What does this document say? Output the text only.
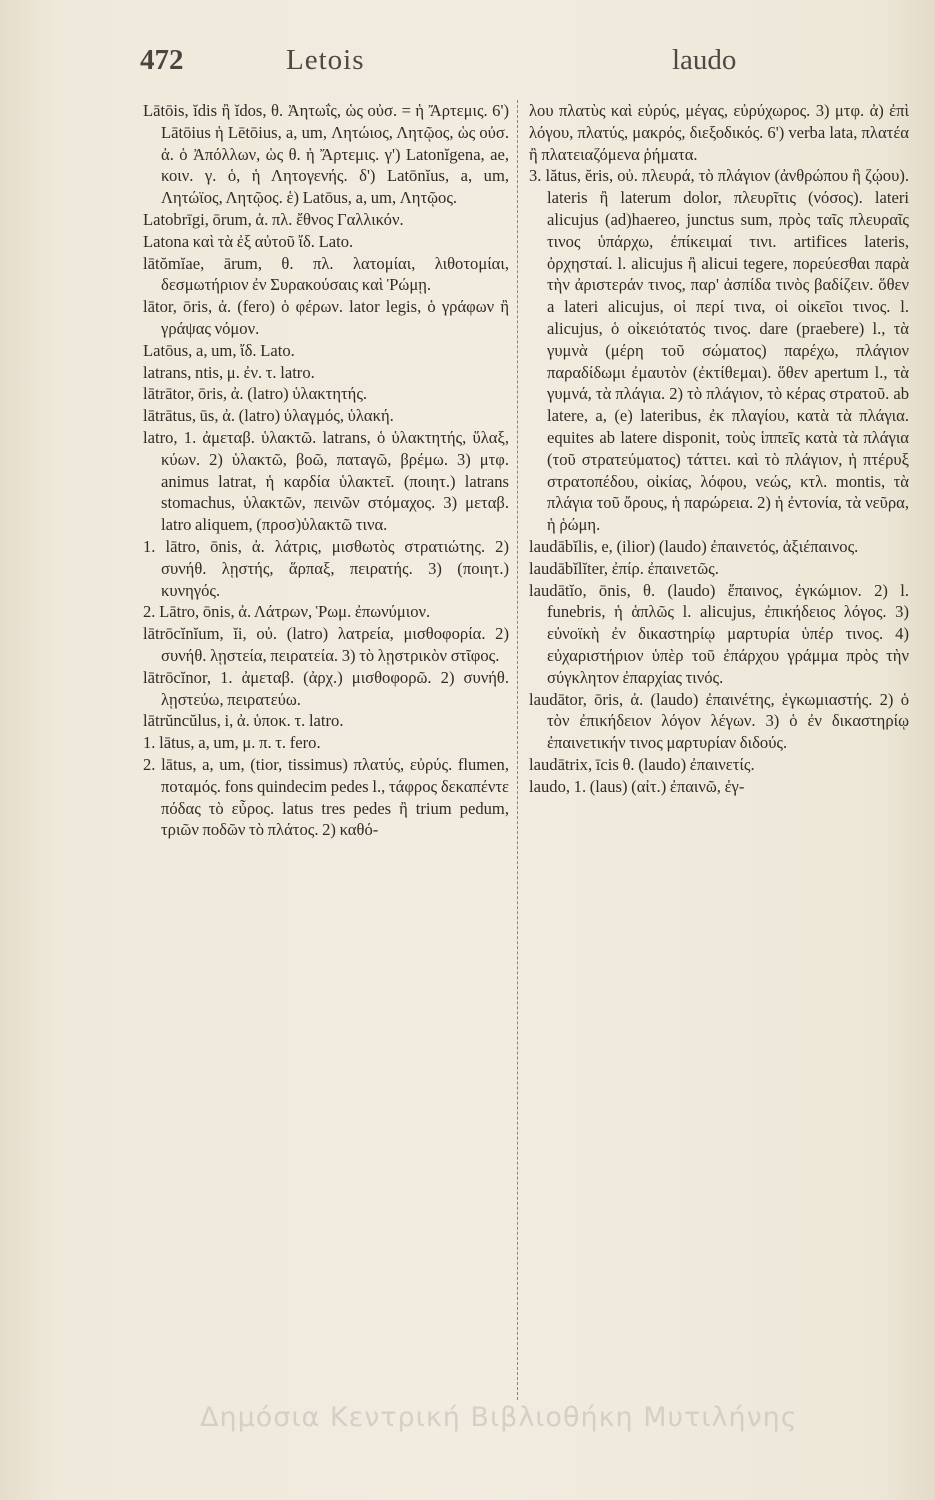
472	Letois	laudo

Lātōis, ĭdis ἢ ĭdos, θ. Ἀητωΐς, ὡς οὐσ. = ἡ Ἄρτεμις. 6') Lātōius ἡ Lētōius, a, um, Λητώιος, Λητῷος, ὡς οὐσ. ἀ. ὁ Ἀπόλλων, ὡς θ. ἡ Ἄρτεμις. γ') Latonĭgena, ae, κοιν. γ. ὁ, ἡ Λητογενής. δ') Latōnĭus, a, um, Λητώϊος, Λητῷος. ἑ) Latōus, a, um, Λητῷος.

Latobrīgi, ōrum, ἀ. πλ. ἔθνος Γαλλικόν.

Latona καὶ τὰ ἐξ αὐτοῦ ἴδ. Lato.

lātŏmĭae, ārum, θ. πλ. λατομίαι, λιθοτομίαι, δεσμωτήριον ἐν Συρακούσαις καὶ Ῥώμῃ.

lātor, ōris, ἀ. (fero) ὁ φέρων. lator legis, ὁ γράφων ἢ γράψας νόμον.

Latōus, a, um, ἴδ. Lato.

latrans, ntis, μ. ἐν. τ. latro.

lātrātor, ōris, ἀ. (latro) ὑλακτητής.

lātrātus, ūs, ἀ. (latro) ὑλαγμός, ὑλακή.

latro, 1. ἀμεταβ. ὑλακτῶ. latrans, ὁ ὑλακτητής, ὕλαξ, κύων. 2) ὑλακτῶ, βοῶ, παταγῶ, βρέμω. 3) μτφ. animus latrat, ἡ καρδία ὑλακτεῖ. (ποιητ.) latrans stomachus, ὑλακτῶν, πεινῶν στόμαχος. 3) μεταβ. latro aliquem, (προσ)ὑλακτῶ τινα.

1. lātro, ōnis, ἀ. λάτρις, μισθωτὸς στρατιώτης. 2) συνήθ. λῃστής, ἅρπαξ, πειρατής. 3) (ποιητ.) κυνηγός.

2. Lātro, ōnis, ἀ. Λάτρων, Ῥωμ. ἐπωνύμιον.

lātrōcĭnĭum, ĭi, οὐ. (latro) λατρεία, μισθοφορία. 2) συνήθ. λῃστεία, πειρατεία. 3) τὸ λῃστρικὸν στῖφος.

lātrōcĭnor, 1. ἀμεταβ. (ἀρχ.) μισθοφορῶ. 2) συνήθ. λῃστεύω, πειρατεύω.

lātrŭncŭlus, i, ἀ. ὑποκ. τ. latro.

1. lātus, a, um, μ. π. τ. fero.

2. lātus, a, um, (tior, tissimus) πλατύς, εὐρύς. flumen, ποταμός. fons quindecim pedes l., τάφρος δεκαπέντε πόδας τὸ εὖρος. latus tres pedes ἢ trium pedum, τριῶν ποδῶν τὸ πλάτος. 2) καθό-

λου πλατὺς καὶ εὐρύς, μέγας, εὐρύχωρος. 3) μτφ. ἀ) ἐπὶ λόγου, πλατύς, μακρός, διεξοδικός. 6') verba lata, πλατέα ἢ πλατειαζόμενα ῥήματα.

3. lătus, ĕris, οὐ. πλευρά, τὸ πλάγιον (ἀνθρώπου ἢ ζῴου). lateris ἢ laterum dolor, πλευρῖτις (νόσος). lateri alicujus (ad)haereo, junctus sum, πρὸς ταῖς πλευραῖς τινος ὑπάρχω, ἐπίκειμαί τινι. artifices lateris, ὀρχησταί. l. alicujus ἢ alicui tegere, πορεύεσθαι παρὰ τὴν ἀριστεράν τινος, παρ' ἀσπίδα τινὸς βαδίζειν. ὅθεν a lateri alicujus, οἱ περί τινα, οἱ οἰκεῖοι τινος. l. alicujus, ὁ οἰκειότατός τινος. dare (praebere) l., τὰ γυμνὰ (μέρη τοῦ σώματος) παρέχω, πλάγιον παραδίδωμι ἐμαυτὸν (ἐκτίθεμαι). ὅθεν apertum l., τὰ γυμνά, τὰ πλάγια. 2) τὸ πλάγιον, τὸ κέρας στρατοῦ. ab latere, a, (e) lateribus, ἐκ πλαγίου, κατὰ τὰ πλάγια. equites ab latere disponit, τοὺς ἱππεῖς κατὰ τὰ πλάγια (τοῦ στρατεύματος) τάττει. καὶ τὸ πλάγιον, ἡ πτέρυξ στρατοπέδου, οἰκίας, λόφου, νεώς, κτλ. montis, τὰ πλάγια τοῦ ὄρους, ἡ παρώρεια. 2) ἡ ἐντονία, τὰ νεῦρα, ἡ ῥώμη.

laudābĭlis, e, (ilior) (laudo) ἐπαινετός, ἀξιέπαινος.

laudābĭlĭter, ἐπίρ. ἐπαινετῶς.

laudātĭo, ōnis, θ. (laudo) ἔπαινος, ἐγκώμιον. 2) l. funebris, ἡ ἁπλῶς l. alicujus, ἐπικήδειος λόγος. 3) εὐνοϊκὴ ἐν δικαστηρίῳ μαρτυρία ὑπέρ τινος. 4) εὐχαριστήριον ὑπὲρ τοῦ ἐπάρχου γράμμα πρὸς τὴν σύγκλητον ἐπαρχίας τινός.

laudātor, ōris, ἀ. (laudo) ἐπαινέτης, ἐγκωμιαστής. 2) ὁ τὸν ἐπικήδειον λόγον λέγων. 3) ὁ ἐν δικαστηρίῳ ἐπαινετικήν τινος μαρτυρίαν διδούς.

laudātrix, īcis θ. (laudo) ἐπαινετίς.

laudo, 1. (laus) (αἰτ.) ἐπαινῶ, ἐγ-

Δημόσια Κεντρική Βιβλιοθήκη Μυτιλήνης
